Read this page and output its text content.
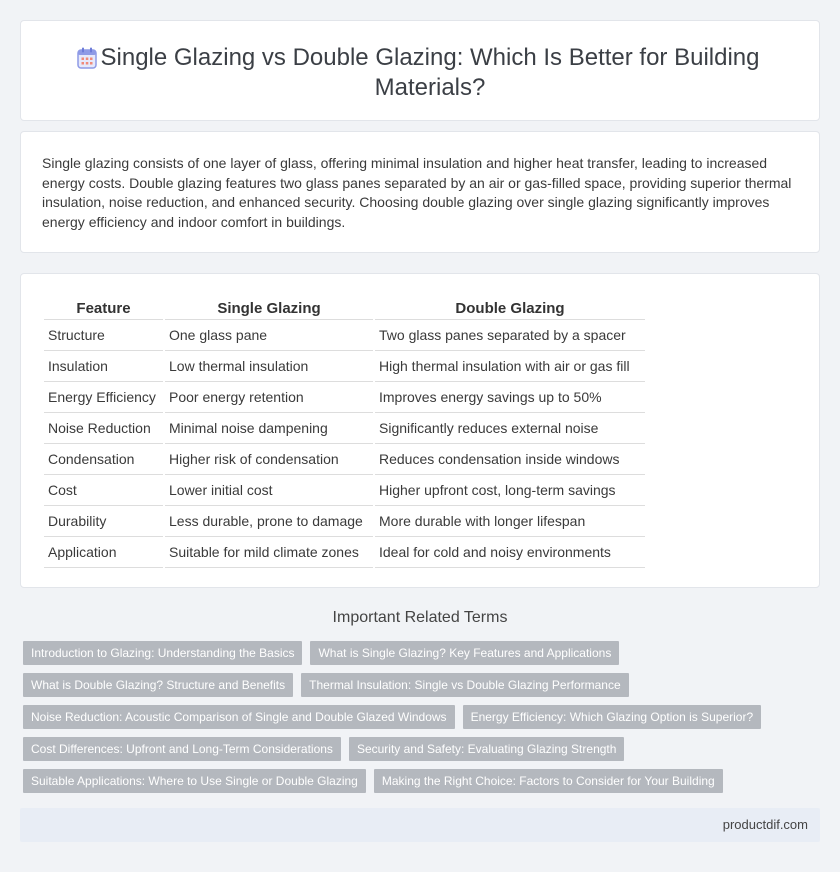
Single Glazing vs Double Glazing: Which Is Better for Building Materials?

Single glazing consists of one layer of glass, offering minimal insulation and higher heat transfer, leading to increased energy costs. Double glazing features two glass panes separated by an air or gas-filled space, providing superior thermal insulation, noise reduction, and enhanced security. Choosing double glazing over single glazing significantly improves energy efficiency and indoor comfort in buildings.

Feature	Single Glazing	Double Glazing
Structure	One glass pane	Two glass panes separated by a spacer
Insulation	Low thermal insulation	High thermal insulation with air or gas fill
Energy Efficiency	Poor energy retention	Improves energy savings up to 50%
Noise Reduction	Minimal noise dampening	Significantly reduces external noise
Condensation	Higher risk of condensation	Reduces condensation inside windows
Cost	Lower initial cost	Higher upfront cost, long-term savings
Durability	Less durable, prone to damage	More durable with longer lifespan
Application	Suitable for mild climate zones	Ideal for cold and noisy environments
Important Related Terms
Introduction to Glazing: Understanding the Basics	What is Single Glazing? Key Features and Applications
What is Double Glazing? Structure and Benefits	Thermal Insulation: Single vs Double Glazing Performance
Noise Reduction: Acoustic Comparison of Single and Double Glazed Windows	Energy Efficiency: Which Glazing Option is Superior?
Cost Differences: Upfront and Long-Term Considerations	Security and Safety: Evaluating Glazing Strength
Suitable Applications: Where to Use Single or Double Glazing	Making the Right Choice: Factors to Consider for Your Building
productdif.com
